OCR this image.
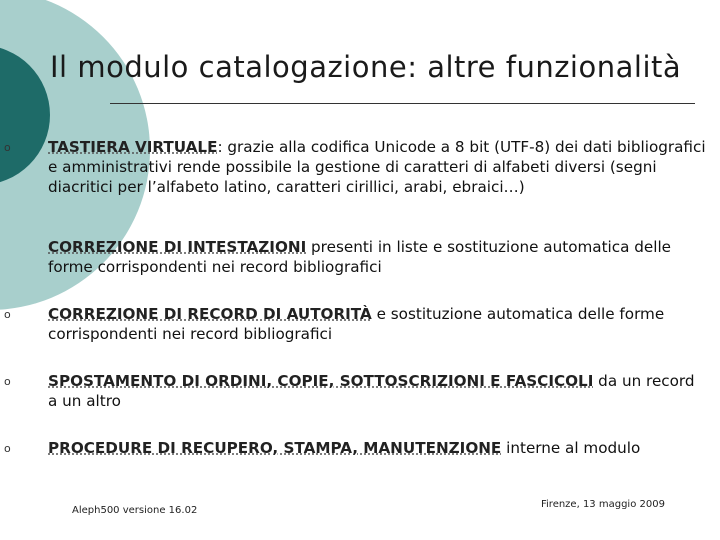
Il modulo catalogazione: altre funzionalità
o TASTIERA VIRTUALE: grazie alla codifica Unicode a 8 bit (UTF-8) dei dati bibliografici e amministrativi rende possibile la gestione di caratteri di alfabeti diversi (segni diacritici per l’alfabeto latino, caratteri cirillici, arabi, ebraici…)
CORREZIONE DI INTESTAZIONI presenti in liste e sostituzione automatica delle forme corrispondenti nei record bibliografici
o CORREZIONE DI RECORD DI AUTORITÀ e sostituzione automatica delle forme corrispondenti nei record bibliografici
o SPOSTAMENTO DI ORDINI, COPIE, SOTTOSCRIZIONI E FASCICOLI da un record a un altro
o PROCEDURE DI RECUPERO, STAMPA, MANUTENZIONE interne al modulo
Aleph500 versione 16.02
Firenze, 13 maggio 2009
